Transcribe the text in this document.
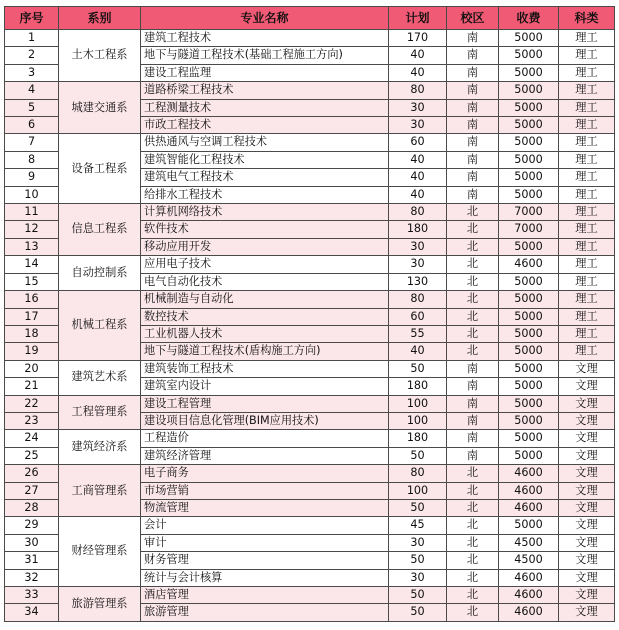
序号	系别	专业名称	计划	校区	收费	科类
1	土木工程系	建筑工程技术	170	南	5000	理工
2		地下与隧道工程技术(基础工程施工方向)	40	南	5000	理工
3		建设工程监理	40	南	5000	理工
4	城建交通系	道路桥梁工程技术	80	南	5000	理工
5		工程测量技术	30	南	5000	理工
6		市政工程技术	30	南	5000	理工
7	设备工程系	供热通风与空调工程技术	60	南	5000	理工
8		建筑智能化工程技术	40	南	5000	理工
9		建筑电气工程技术	40	南	5000	理工
10		给排水工程技术	40	南	5000	理工
11	信息工程系	计算机网络技术	80	北	7000	理工
12		软件技术	180	北	7000	理工
13		移动应用开发	30	北	5000	理工
14	自动控制系	应用电子技术	30	北	4600	理工
15		电气自动化技术	130	北	5000	理工
16	机械工程系	机械制造与自动化	80	北	5000	理工
17		数控技术	60	北	5000	理工
18		工业机器人技术	55	北	5000	理工
19		地下与隧道工程技术(盾构施工方向)	40	北	5000	理工
20	建筑艺术系	建筑装饰工程技术	50	南	5000	文理
21		建筑室内设计	180	南	5000	文理
22	工程管理系	建设工程管理	100	南	5000	文理
23		建设项目信息化管理(BIM应用技术)	100	南	5000	文理
24	建筑经济系	工程造价	180	南	5000	文理
25		建筑经济管理	50	南	5000	文理
26	工商管理系	电子商务	80	北	4600	文理
27		市场营销	100	北	4600	文理
28		物流管理	50	北	4600	文理
29	财经管理系	会计	45	北	5000	文理
30		审计	30	北	4500	文理
31		财务管理	50	北	4500	文理
32		统计与会计核算	30	北	4600	文理
33	旅游管理系	酒店管理	50	北	4600	文理
34		旅游管理	50	北	4600	文理
